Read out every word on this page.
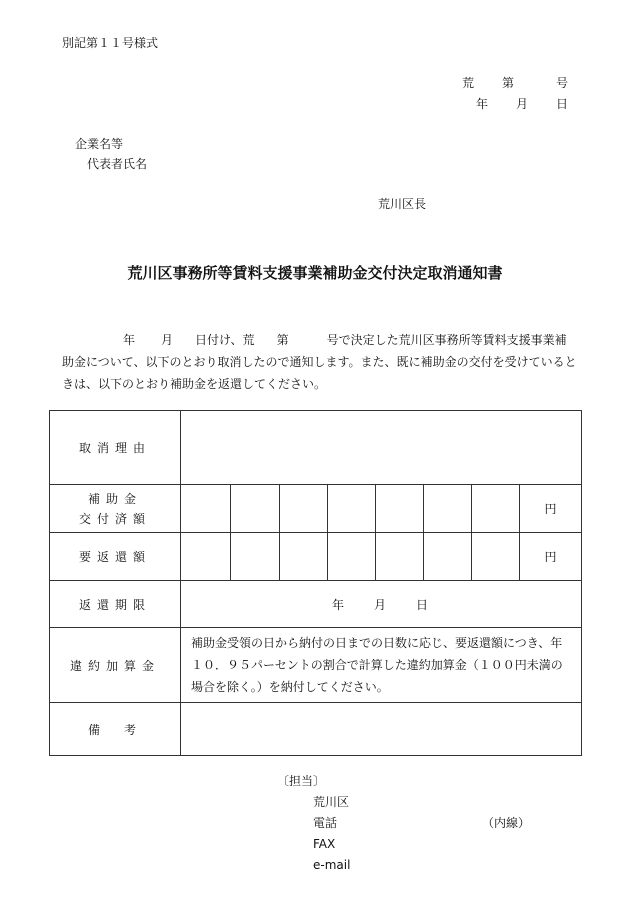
別記第１１号様式
荒 第	号
年 月 日
企業名等
代表者氏名
荒川区長
荒川区事務所等賃料支援事業補助金交付決定取消通知書
年 月 日付け、荒 第	号で決定した荒川区事務所等賃料支援事業補
助金について、以下のとおり取消したので通知します。また、既に補助金の交付を受けていると
きは、以下のとおり補助金を返還してください。
取消理由								

補助金
交付済額								円
要返還額								円
返還期限	年 月 日							
違約加算金	補助金受領の日から納付の日までの日数に応じ、要返還額につき、年１０．９５パーセントの割合で計算した違約加算金（１００円未満の場合を除く。）を納付してください。							
備　考								
〔担当〕
荒川区
電話	（内線）
FAX
e-mail
